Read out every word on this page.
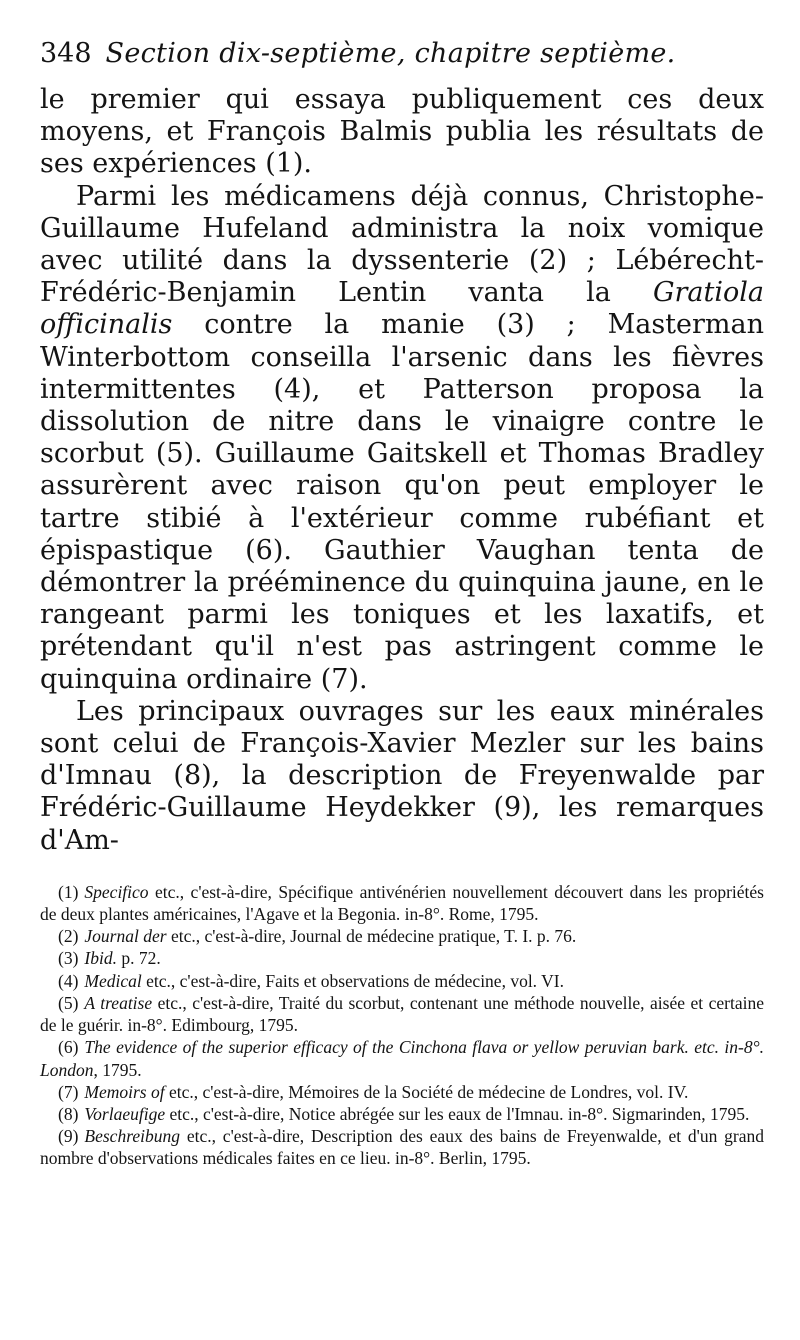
348 Section dix-septième, chapitre septième.

le premier qui essaya publiquement ces deux moyens, et François Balmis publia les résultats de ses expériences (1).

Parmi les médicamens déjà connus, Christophe-Guillaume Hufeland administra la noix vomique avec utilité dans la dyssenterie (2) ; Lébérecht-Frédéric-Benjamin Lentin vanta la Gratiola officinalis contre la manie (3) ; Masterman Winterbottom conseilla l'arsenic dans les fièvres intermittentes (4), et Patterson proposa la dissolution de nitre dans le vinaigre contre le scorbut (5). Guillaume Gaitskell et Thomas Bradley assurèrent avec raison qu'on peut employer le tartre stibié à l'extérieur comme rubéfiant et épispastique (6). Gauthier Vaughan tenta de démontrer la prééminence du quinquina jaune, en le rangeant parmi les toniques et les laxatifs, et prétendant qu'il n'est pas astringent comme le quinquina ordinaire (7).

Les principaux ouvrages sur les eaux minérales sont celui de François-Xavier Mezler sur les bains d'Imnau (8), la description de Freyenwalde par Frédéric-Guillaume Heydekker (9), les remarques d'Am-

(1) Specifico etc., c'est-à-dire, Spécifique antivénérien nouvellement découvert dans les propriétés de deux plantes américaines, l'Agave et la Begonia. in-8°. Rome, 1795.

(2) Journal der etc., c'est-à-dire, Journal de médecine pratique, T. I. p. 76.

(3) Ibid. p. 72.

(4) Medical etc., c'est-à-dire, Faits et observations de médecine, vol. VI.

(5) A treatise etc., c'est-à-dire, Traité du scorbut, contenant une méthode nouvelle, aisée et certaine de le guérir. in-8°. Edimbourg, 1795.

(6) The evidence of the superior efficacy of the Cinchona flava or yellow peruvian bark. etc. in-8°. London, 1795.

(7) Memoirs of etc., c'est-à-dire, Mémoires de la Société de médecine de Londres, vol. IV.

(8) Vorlaeufige etc., c'est-à-dire, Notice abrégée sur les eaux de l'Imnau. in-8°. Sigmarinden, 1795.

(9) Beschreibung etc., c'est-à-dire, Description des eaux des bains de Freyenwalde, et d'un grand nombre d'observations médicales faites en ce lieu. in-8°. Berlin, 1795.
